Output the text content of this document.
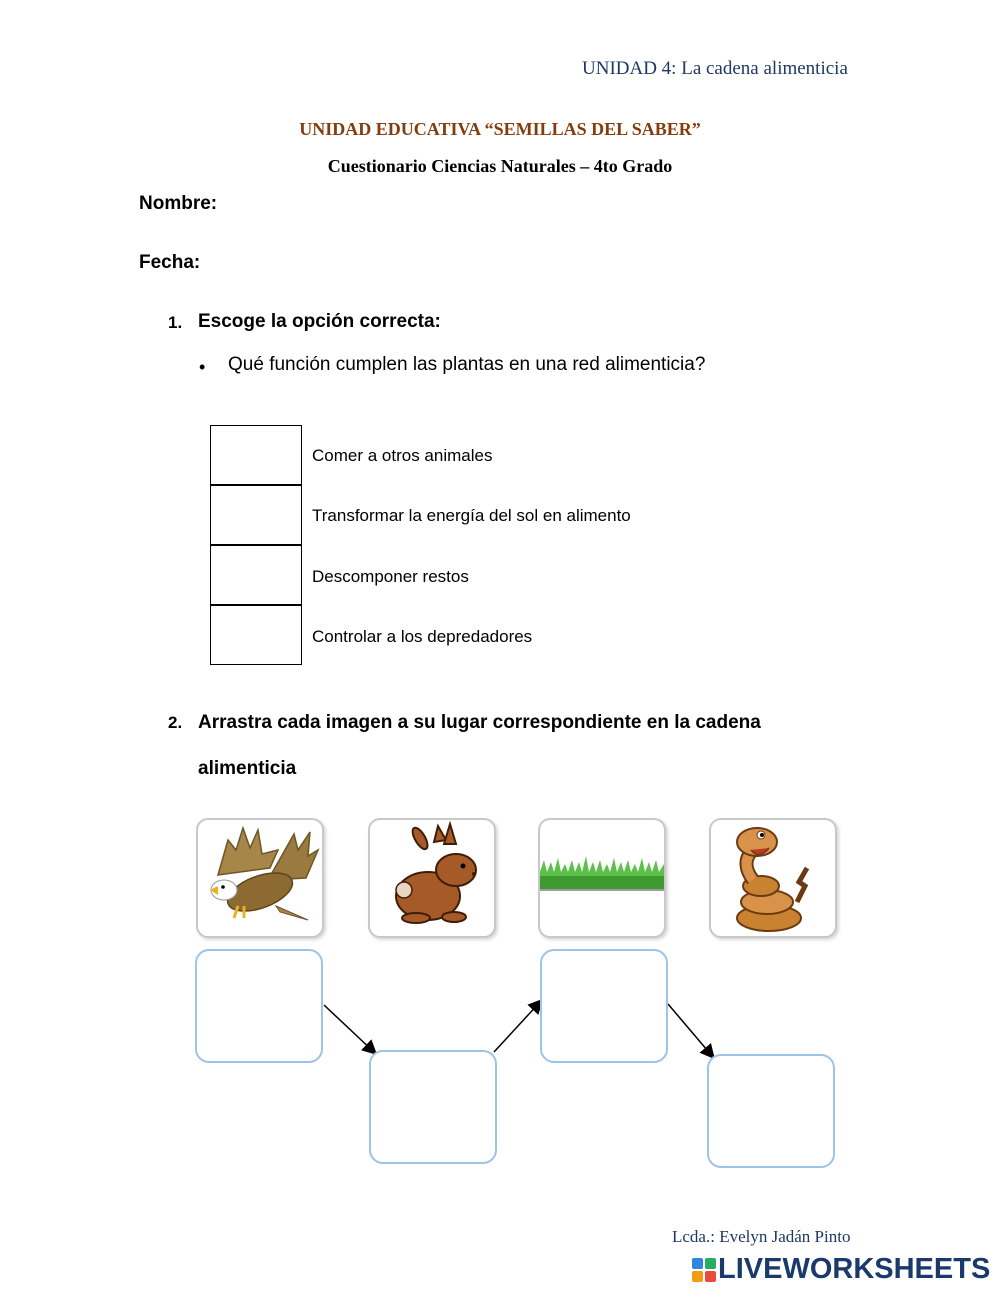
UNIDAD 4: La cadena alimenticia
UNIDAD EDUCATIVA “SEMILLAS DEL SABER”
Cuestionario Ciencias Naturales – 4to Grado
Nombre:
Fecha:
1. Escoge la opción correcta:
• Qué función cumplen las plantas en una red alimenticia?
Comer a otros animales
Transformar la energía del sol en alimento
Descomponer restos
Controlar a los depredadores
2. Arrastra cada imagen a su lugar correspondiente en la cadena
alimenticia
Lcda.: Evelyn Jadán Pinto
LIVEWORKSHEETS
